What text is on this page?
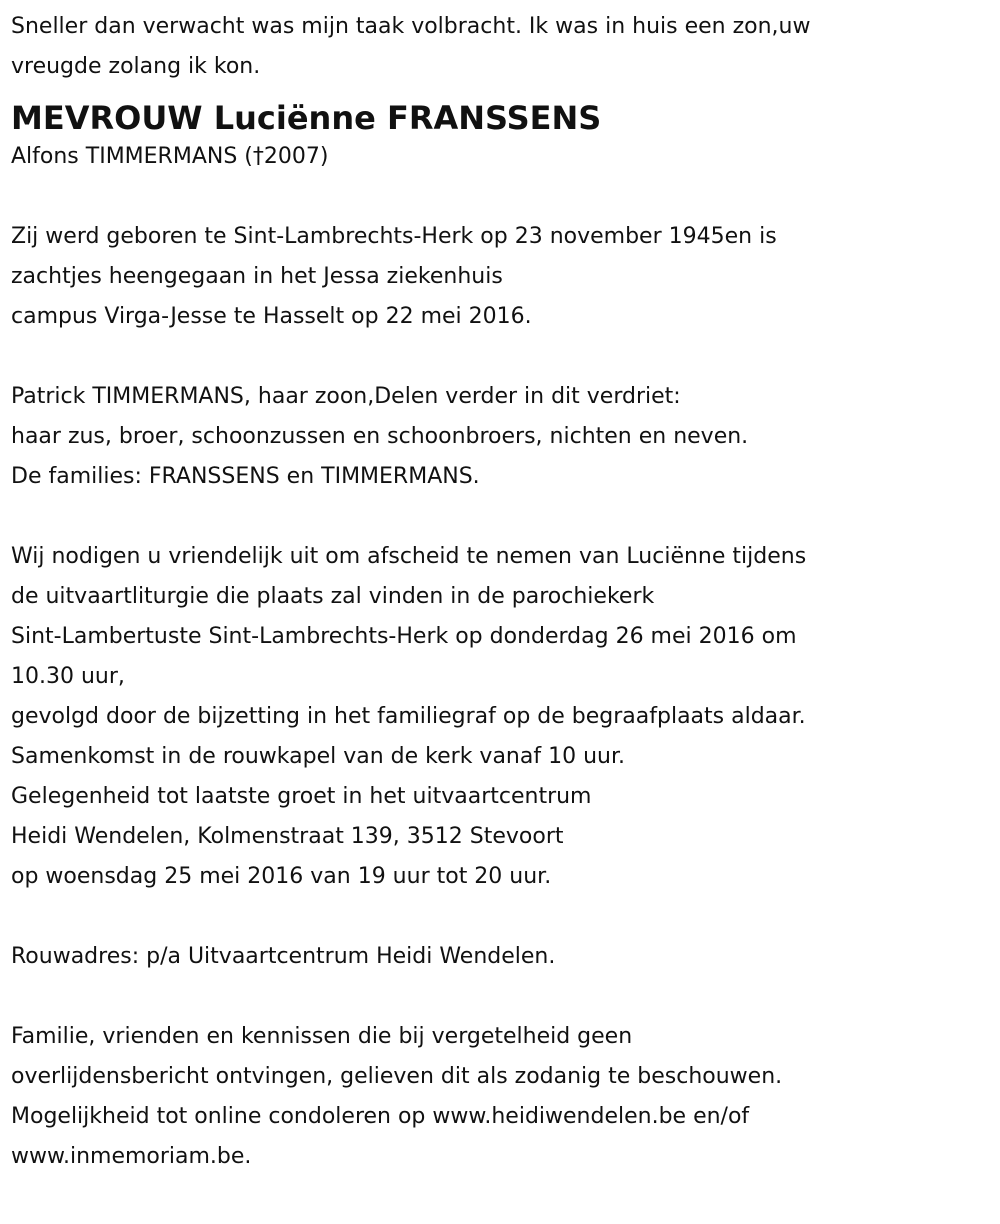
Sneller dan verwacht was mijn taak volbracht. Ik was in huis een zon,uw
vreugde zolang ik kon.
MEVROUW Luciënne FRANSSENS
Alfons TIMMERMANS (†2007)
Zij werd geboren te Sint-Lambrechts-Herk op 23 november 1945en is
zachtjes heengegaan in het Jessa ziekenhuis
campus Virga-Jesse te Hasselt op 22 mei 2016.
Patrick TIMMERMANS, haar zoon,Delen verder in dit verdriet:
haar zus, broer, schoonzussen en schoonbroers, nichten en neven.
De families: FRANSSENS en TIMMERMANS.
Wij nodigen u vriendelijk uit om afscheid te nemen van Luciënne tijdens
de uitvaartliturgie die plaats zal vinden in de parochiekerk
Sint-Lambertuste Sint-Lambrechts-Herk op donderdag 26 mei 2016 om
10.30 uur,
gevolgd door de bijzetting in het familiegraf op de begraafplaats aldaar.
Samenkomst in de rouwkapel van de kerk vanaf 10 uur.
Gelegenheid tot laatste groet in het uitvaartcentrum
Heidi Wendelen, Kolmenstraat 139, 3512 Stevoort
op woensdag 25 mei 2016 van 19 uur tot 20 uur.
Rouwadres: p/a Uitvaartcentrum Heidi Wendelen.
Familie, vrienden en kennissen die bij vergetelheid geen
overlijdensbericht ontvingen, gelieven dit als zodanig te beschouwen.
Mogelijkheid tot online condoleren op www.heidiwendelen.be en/of
www.inmemoriam.be.
